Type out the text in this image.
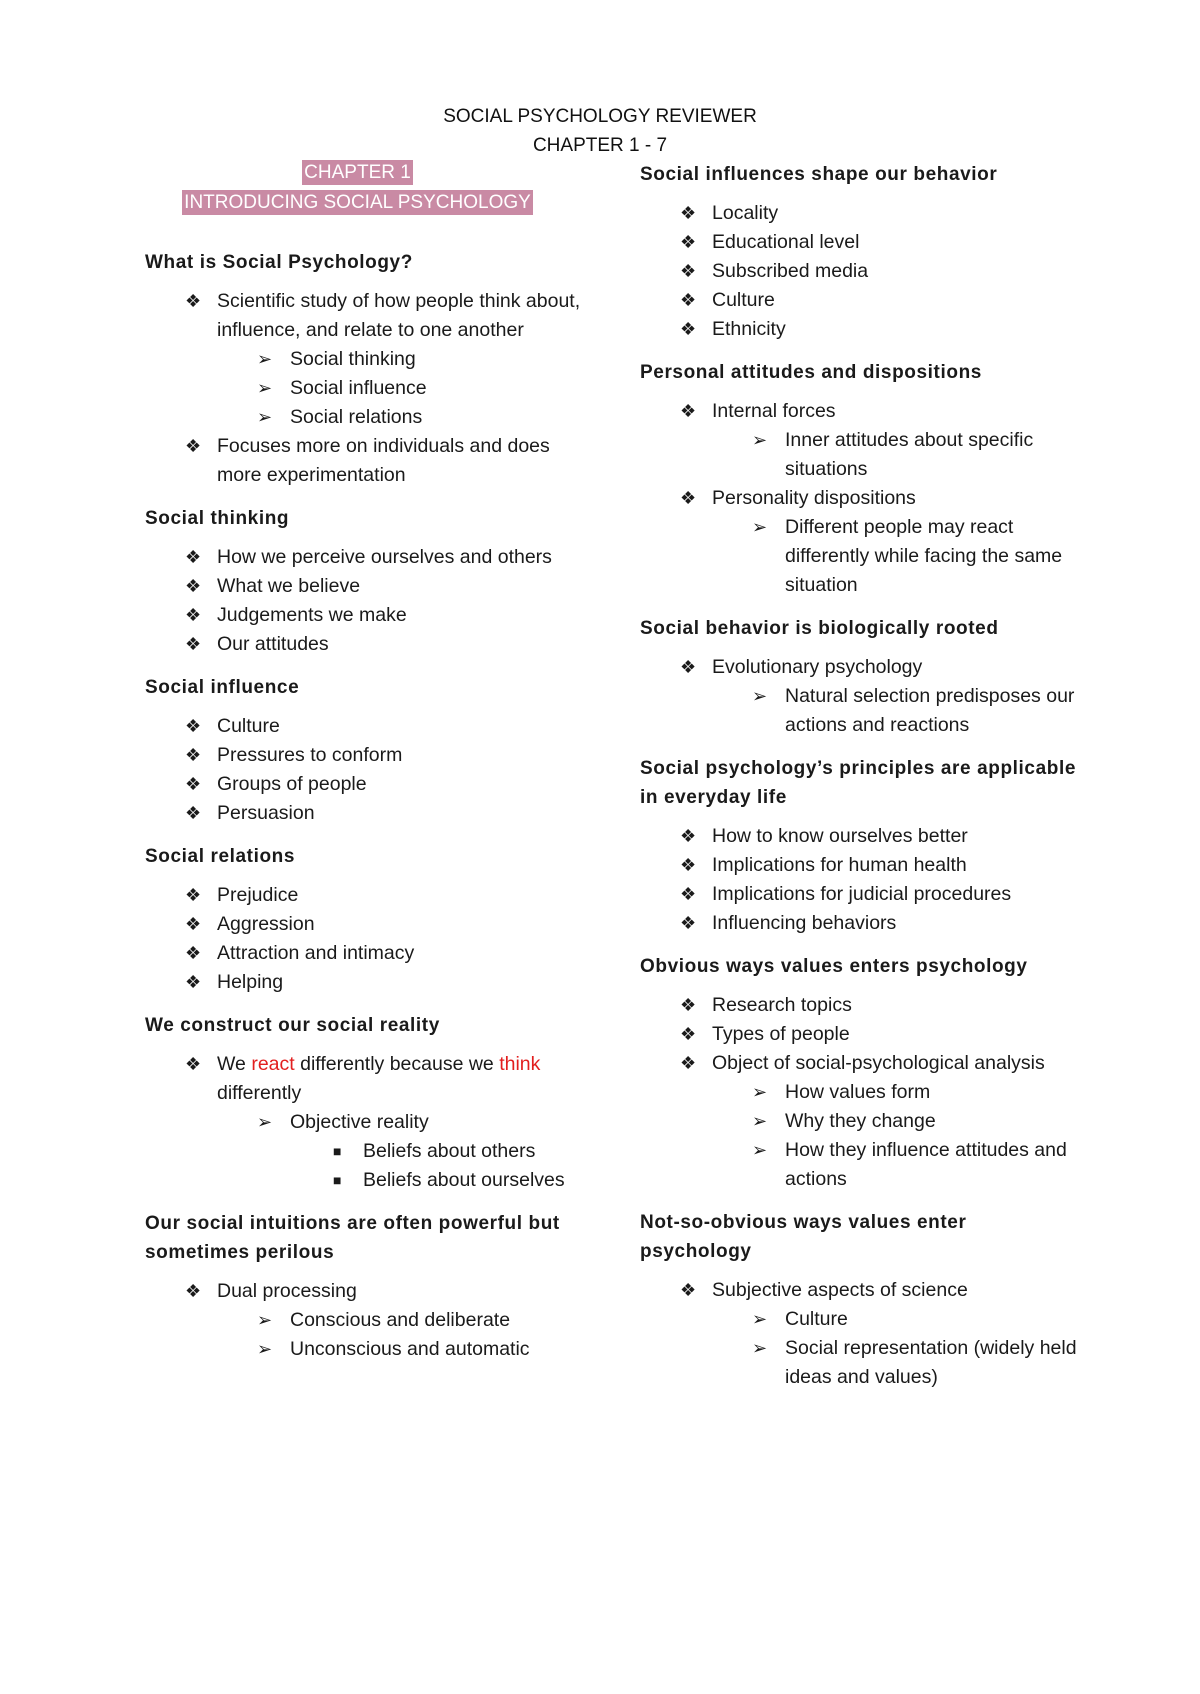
SOCIAL PSYCHOLOGY REVIEWER
CHAPTER 1 - 7
CHAPTER 1
INTRODUCING SOCIAL PSYCHOLOGY
What is Social Psychology?
❖ Scientific study of how people think about, influence, and relate to one another
➢ Social thinking
➢ Social influence
➢ Social relations
❖ Focuses more on individuals and does more experimentation
Social thinking
❖ How we perceive ourselves and others
❖ What we believe
❖ Judgements we make
❖ Our attitudes
Social influence
❖ Culture
❖ Pressures to conform
❖ Groups of people
❖ Persuasion
Social relations
❖ Prejudice
❖ Aggression
❖ Attraction and intimacy
❖ Helping
We construct our social reality
❖ We react differently because we think differently
➢ Objective reality
■ Beliefs about others
■ Beliefs about ourselves
Our social intuitions are often powerful but sometimes perilous
❖ Dual processing
➢ Conscious and deliberate
➢ Unconscious and automatic
Social influences shape our behavior
❖ Locality
❖ Educational level
❖ Subscribed media
❖ Culture
❖ Ethnicity
Personal attitudes and dispositions
❖ Internal forces
➢ Inner attitudes about specific situations
❖ Personality dispositions
➢ Different people may react differently while facing the same situation
Social behavior is biologically rooted
❖ Evolutionary psychology
➢ Natural selection predisposes our actions and reactions
Social psychology’s principles are applicable in everyday life
❖ How to know ourselves better
❖ Implications for human health
❖ Implications for judicial procedures
❖ Influencing behaviors
Obvious ways values enters psychology
❖ Research topics
❖ Types of people
❖ Object of social-psychological analysis
➢ How values form
➢ Why they change
➢ How they influence attitudes and actions
Not-so-obvious ways values enter psychology
❖ Subjective aspects of science
➢ Culture
➢ Social representation (widely held ideas and values)
